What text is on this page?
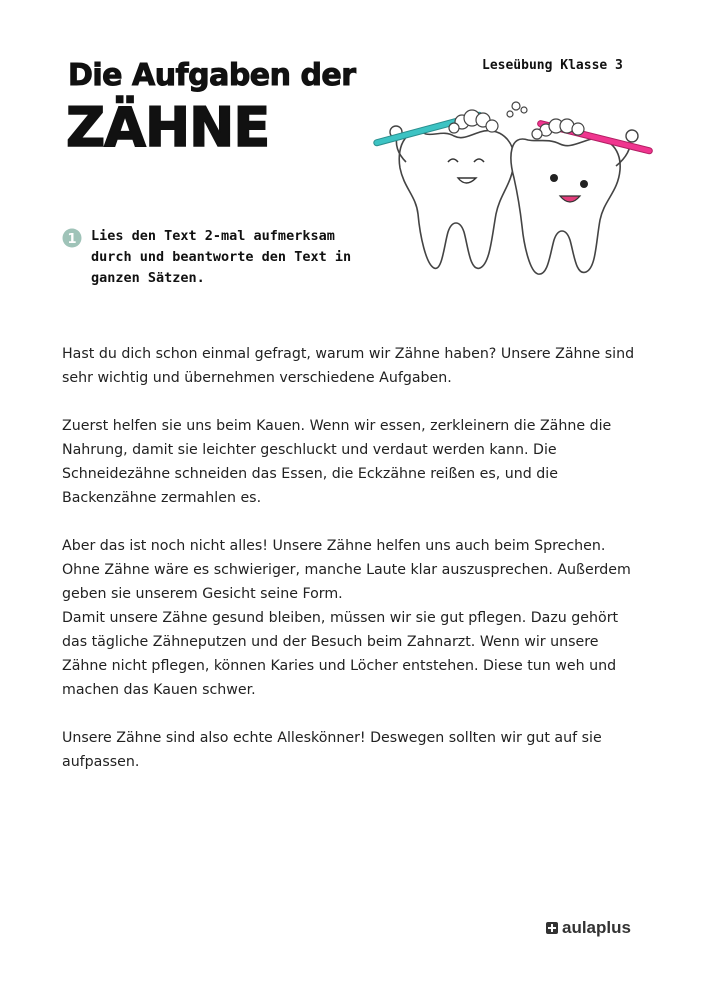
Die Aufgaben der
ZÄHNE
Leseübung Klasse 3
1 Lies den Text 2-mal aufmerksam durch und beantworte den Text in ganzen Sätzen.

Hast du dich schon einmal gefragt, warum wir Zähne haben? Unsere Zähne sind sehr wichtig und übernehmen verschiedene Aufgaben.

Zuerst helfen sie uns beim Kauen. Wenn wir essen, zerkleinern die Zähne die Nahrung, damit sie leichter geschluckt und verdaut werden kann. Die Schneidezähne schneiden das Essen, die Eckzähne reißen es, und die Backenzähne zermahlen es.

Aber das ist noch nicht alles! Unsere Zähne helfen uns auch beim Sprechen. Ohne Zähne wäre es schwieriger, manche Laute klar auszusprechen. Außerdem geben sie unserem Gesicht seine Form.

Damit unsere Zähne gesund bleiben, müssen wir sie gut pflegen. Dazu gehört das tägliche Zähneputzen und der Besuch beim Zahnarzt. Wenn wir unsere Zähne nicht pflegen, können Karies und Löcher entstehen. Diese tun weh und machen das Kauen schwer.

Unsere Zähne sind also echte Alleskönner! Deswegen sollten wir gut auf sie aufpassen.

aulaplus
